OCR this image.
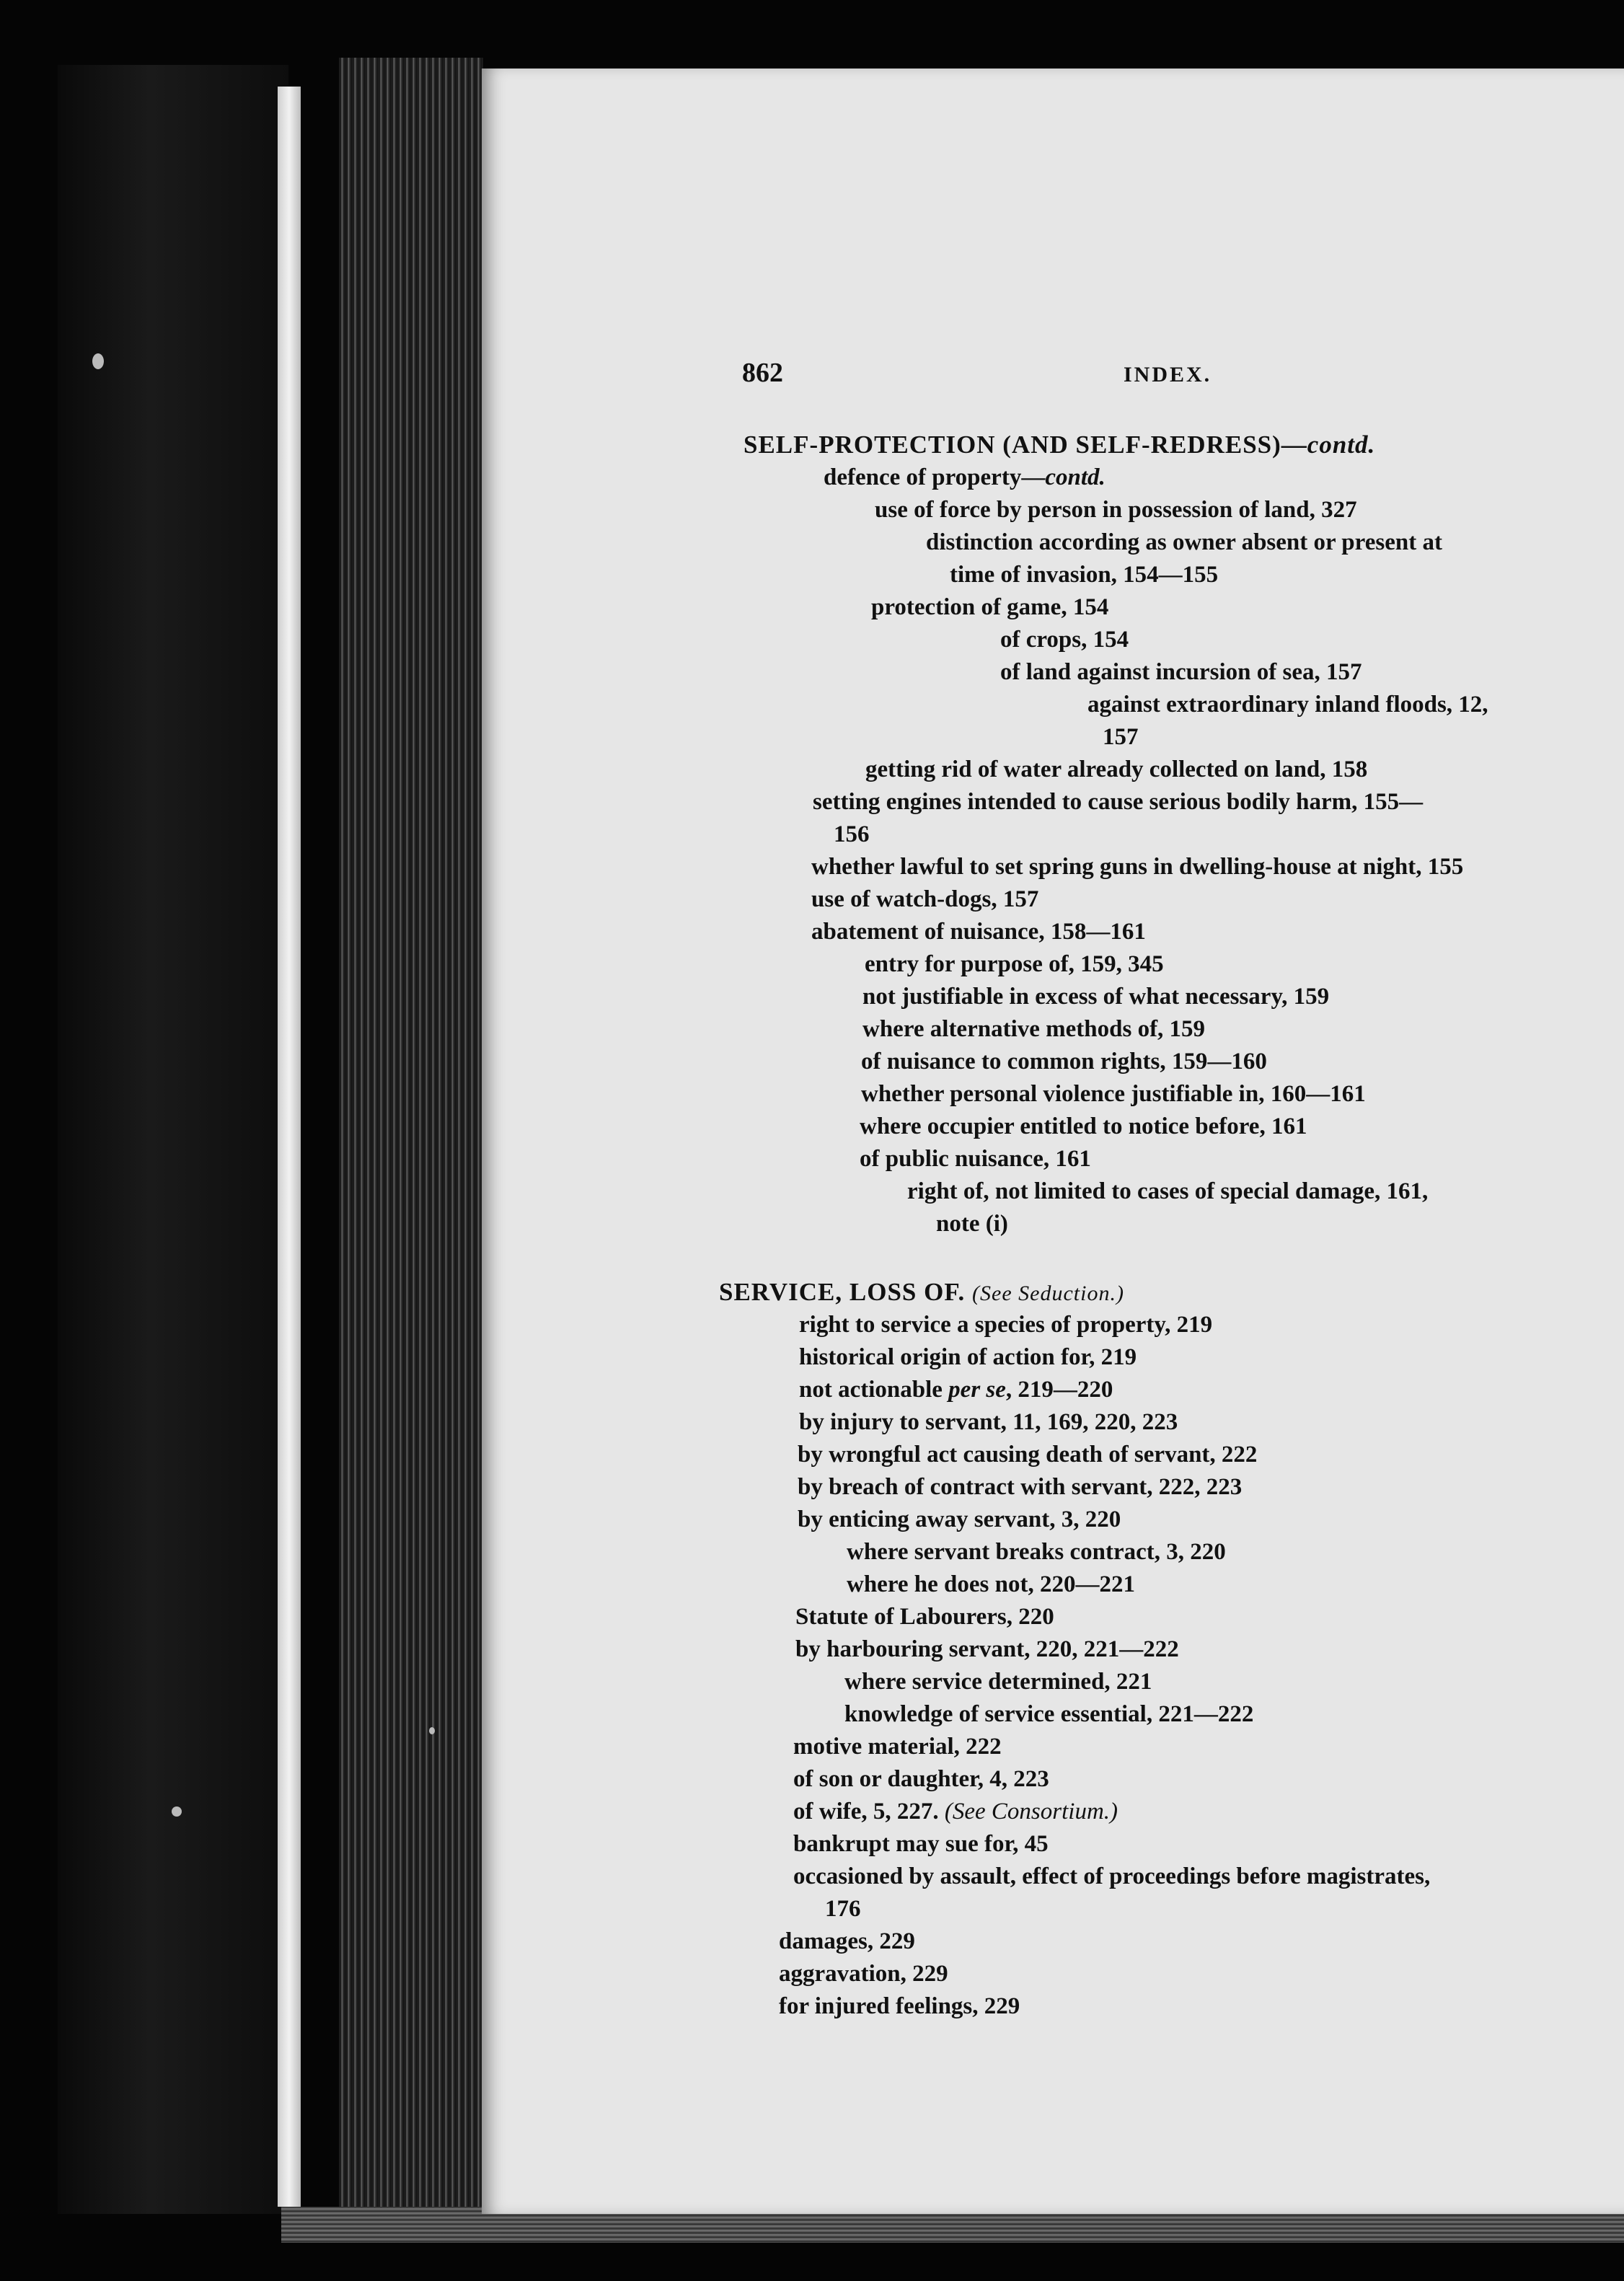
862	INDEX.
SELF-PROTECTION (AND SELF-REDRESS)—contd.
defence of property—contd.
use of force by person in possession of land, 327
distinction according as owner absent or present at
time of invasion, 154—155
protection of game, 154
of crops, 154
of land against incursion of sea, 157
against extraordinary inland floods, 12,
157
getting rid of water already collected on land, 158
setting engines intended to cause serious bodily harm, 155—
156
whether lawful to set spring guns in dwelling-house at night, 155
use of watch-dogs, 157
abatement of nuisance, 158—161
entry for purpose of, 159, 345
not justifiable in excess of what necessary, 159
where alternative methods of, 159
of nuisance to common rights, 159—160
whether personal violence justifiable in, 160—161
where occupier entitled to notice before, 161
of public nuisance, 161
right of, not limited to cases of special damage, 161,
note (i)
SERVICE, LOSS OF. (See Seduction.)
right to service a species of property, 219
historical origin of action for, 219
not actionable per se, 219—220
by injury to servant, 11, 169, 220, 223
by wrongful act causing death of servant, 222
by breach of contract with servant, 222, 223
by enticing away servant, 3, 220
where servant breaks contract, 3, 220
where he does not, 220—221
Statute of Labourers, 220
by harbouring servant, 220, 221—222
where service determined, 221
knowledge of service essential, 221—222
motive material, 222
of son or daughter, 4, 223
of wife, 5, 227. (See Consortium.)
bankrupt may sue for, 45
occasioned by assault, effect of proceedings before magistrates,
176
damages, 229
aggravation, 229
for injured feelings, 229
